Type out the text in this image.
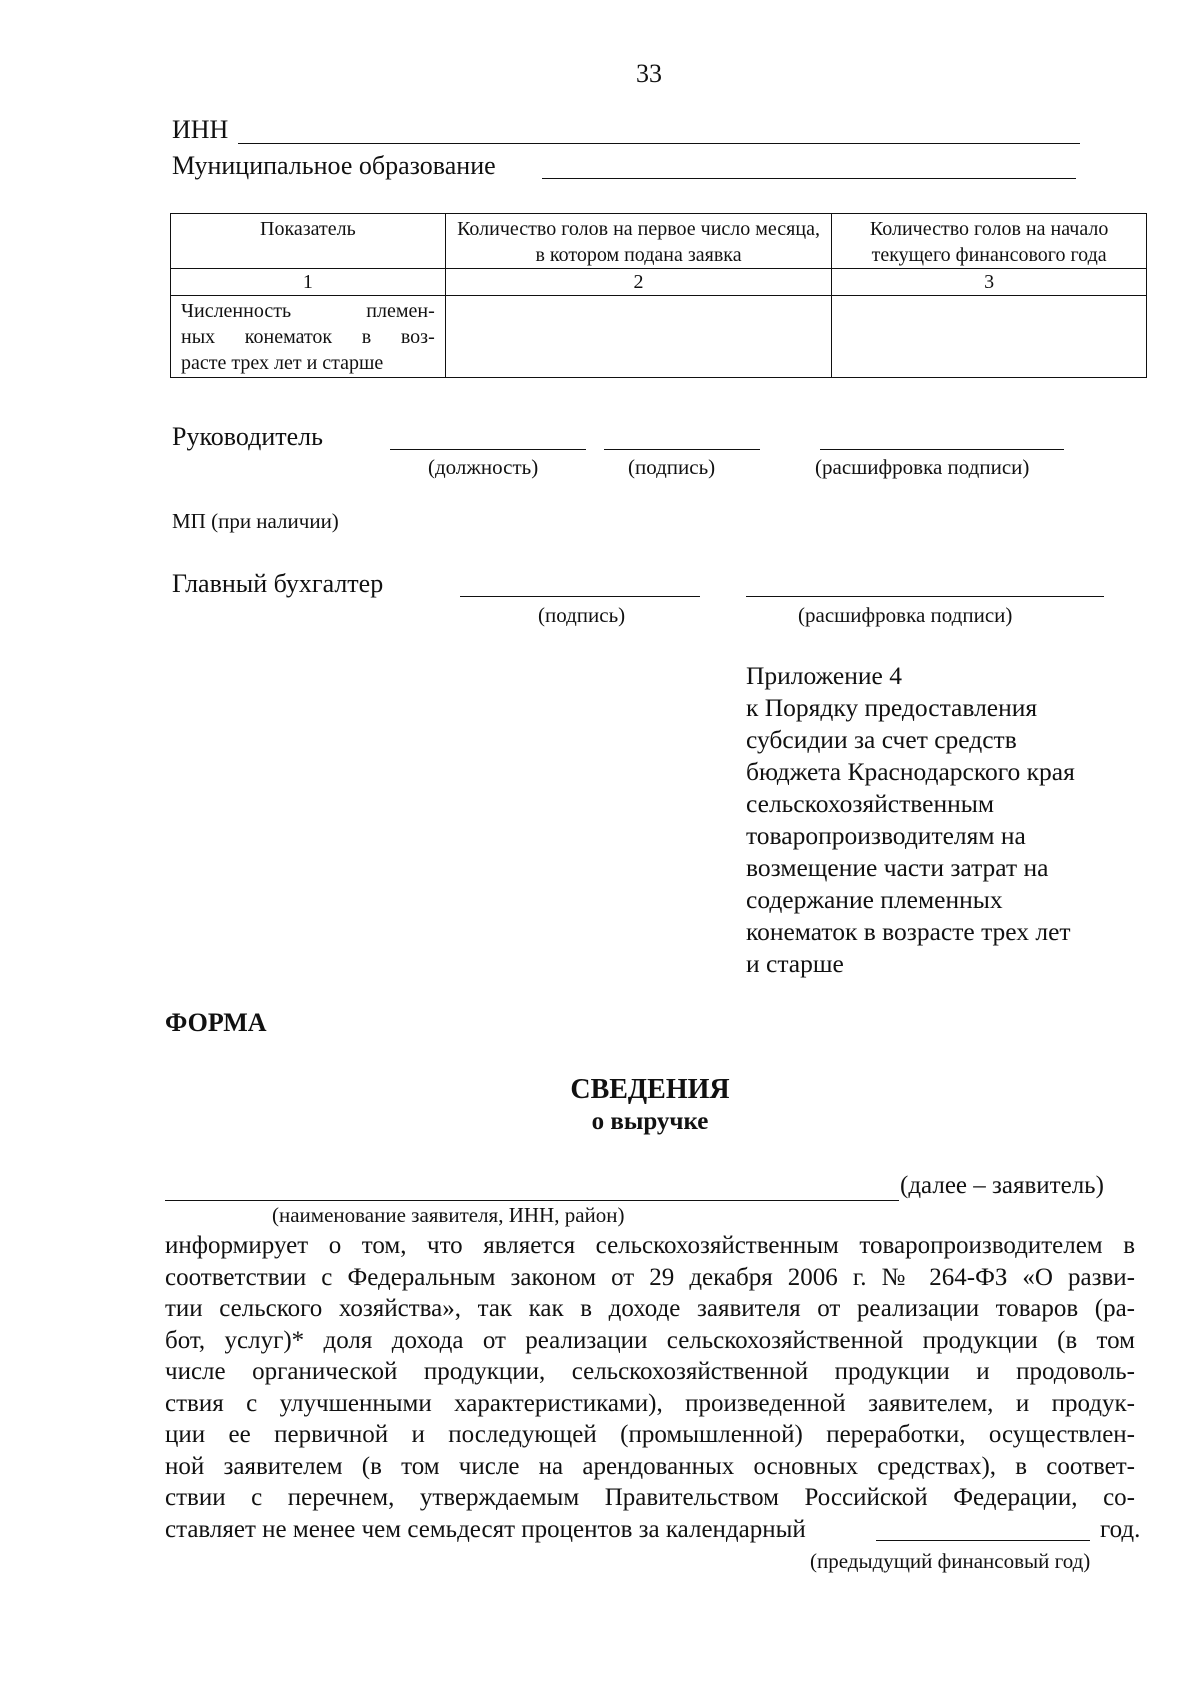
33
ИНН
Муниципальное образование
Показатель	Количество голов на первое число месяца, в котором подана заявка	Количество голов на начало текущего финансового года
1	2	3

Численность племен-
ных конематок в воз-
расте трех лет и старше		

Руководитель
(должность)	(подпись)	(расшифровка подписи)
МП (при наличии)
Главный бухгалтер
(подпись)	(расшифровка подписи)
Приложение 4
к Порядку предоставления
субсидии за счет средств
бюджета Краснодарского края
сельскохозяйственным
товаропроизводителям на
возмещение части затрат на
содержание племенных
конематок в возрасте трех лет
и старше
ФОРМА
СВЕДЕНИЯ
о выручке
(далее – заявитель)
(наименование заявителя, ИНН, район)
информирует о том, что является сельскохозяйственным товаропроизводителем в
соответствии с Федеральным законом от 29 декабря 2006 г. № 264-ФЗ «О разви-
тии сельского хозяйства», так как в доходе заявителя от реализации товаров (ра-
бот, услуг)* доля дохода от реализации сельскохозяйственной продукции (в том
числе органической продукции, сельскохозяйственной продукции и продоволь-
ствия с улучшенными характеристиками), произведенной заявителем, и продук-
ции ее первичной и последующей (промышленной) переработки, осуществлен-
ной заявителем (в том числе на арендованных основных средствах), в соответ-
ствии с перечнем, утверждаемым Правительством Российской Федерации, со-
ставляет не менее чем семьдесят процентов за календарный	год.
(предыдущий финансовый год)
